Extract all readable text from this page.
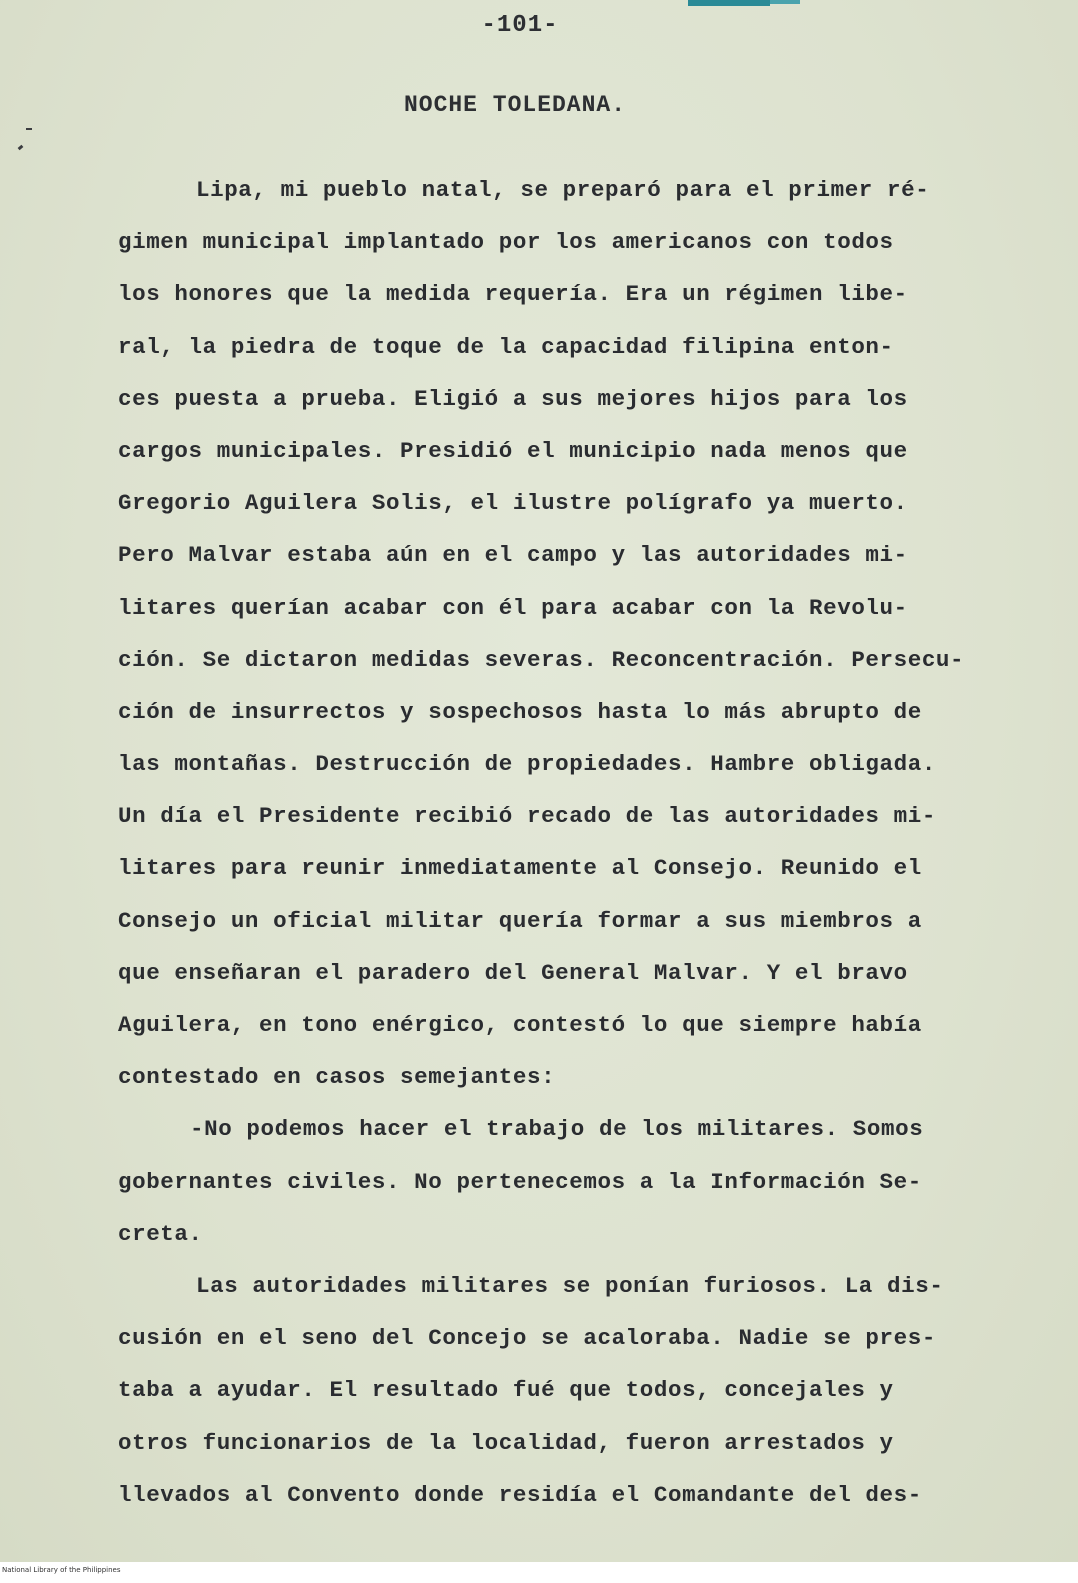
-101-
NOCHE TOLEDANA.
Lipa, mi pueblo natal, se preparó para el primer ré-
gimen municipal implantado por los americanos con todos
los honores que la medida requería. Era un régimen libe-
ral, la piedra de toque de la capacidad filipina enton-
ces puesta a prueba. Eligió a sus mejores hijos para los
cargos municipales. Presidió el municipio nada menos que
Gregorio Aguilera Solis, el ilustre polígrafo ya muerto.
Pero Malvar estaba aún en el campo y las autoridades mi-
litares querían acabar con él para acabar con la Revolu-
ción. Se dictaron medidas severas. Reconcentración. Persecu-
ción de insurrectos y sospechosos hasta lo más abrupto de
las montañas. Destrucción de propiedades. Hambre obligada.
Un día el Presidente recibió recado de las autoridades mi-
litares para reunir inmediatamente al Consejo. Reunido el
Consejo un oficial militar quería formar a sus miembros a
que enseñaran el paradero del General Malvar. Y el bravo
Aguilera, en tono enérgico, contestó lo que siempre había
contestado en casos semejantes:
-No podemos hacer el trabajo de los militares. Somos
gobernantes civiles. No pertenecemos a la Información Se-
creta.
Las autoridades militares se ponían furiosos. La dis-
cusión en el seno del Concejo se acaloraba. Nadie se pres-
taba a ayudar. El resultado fué que todos, concejales y
otros funcionarios de la localidad, fueron arrestados y
llevados al Convento donde residía el Comandante del des-
National Library of the Philippines
